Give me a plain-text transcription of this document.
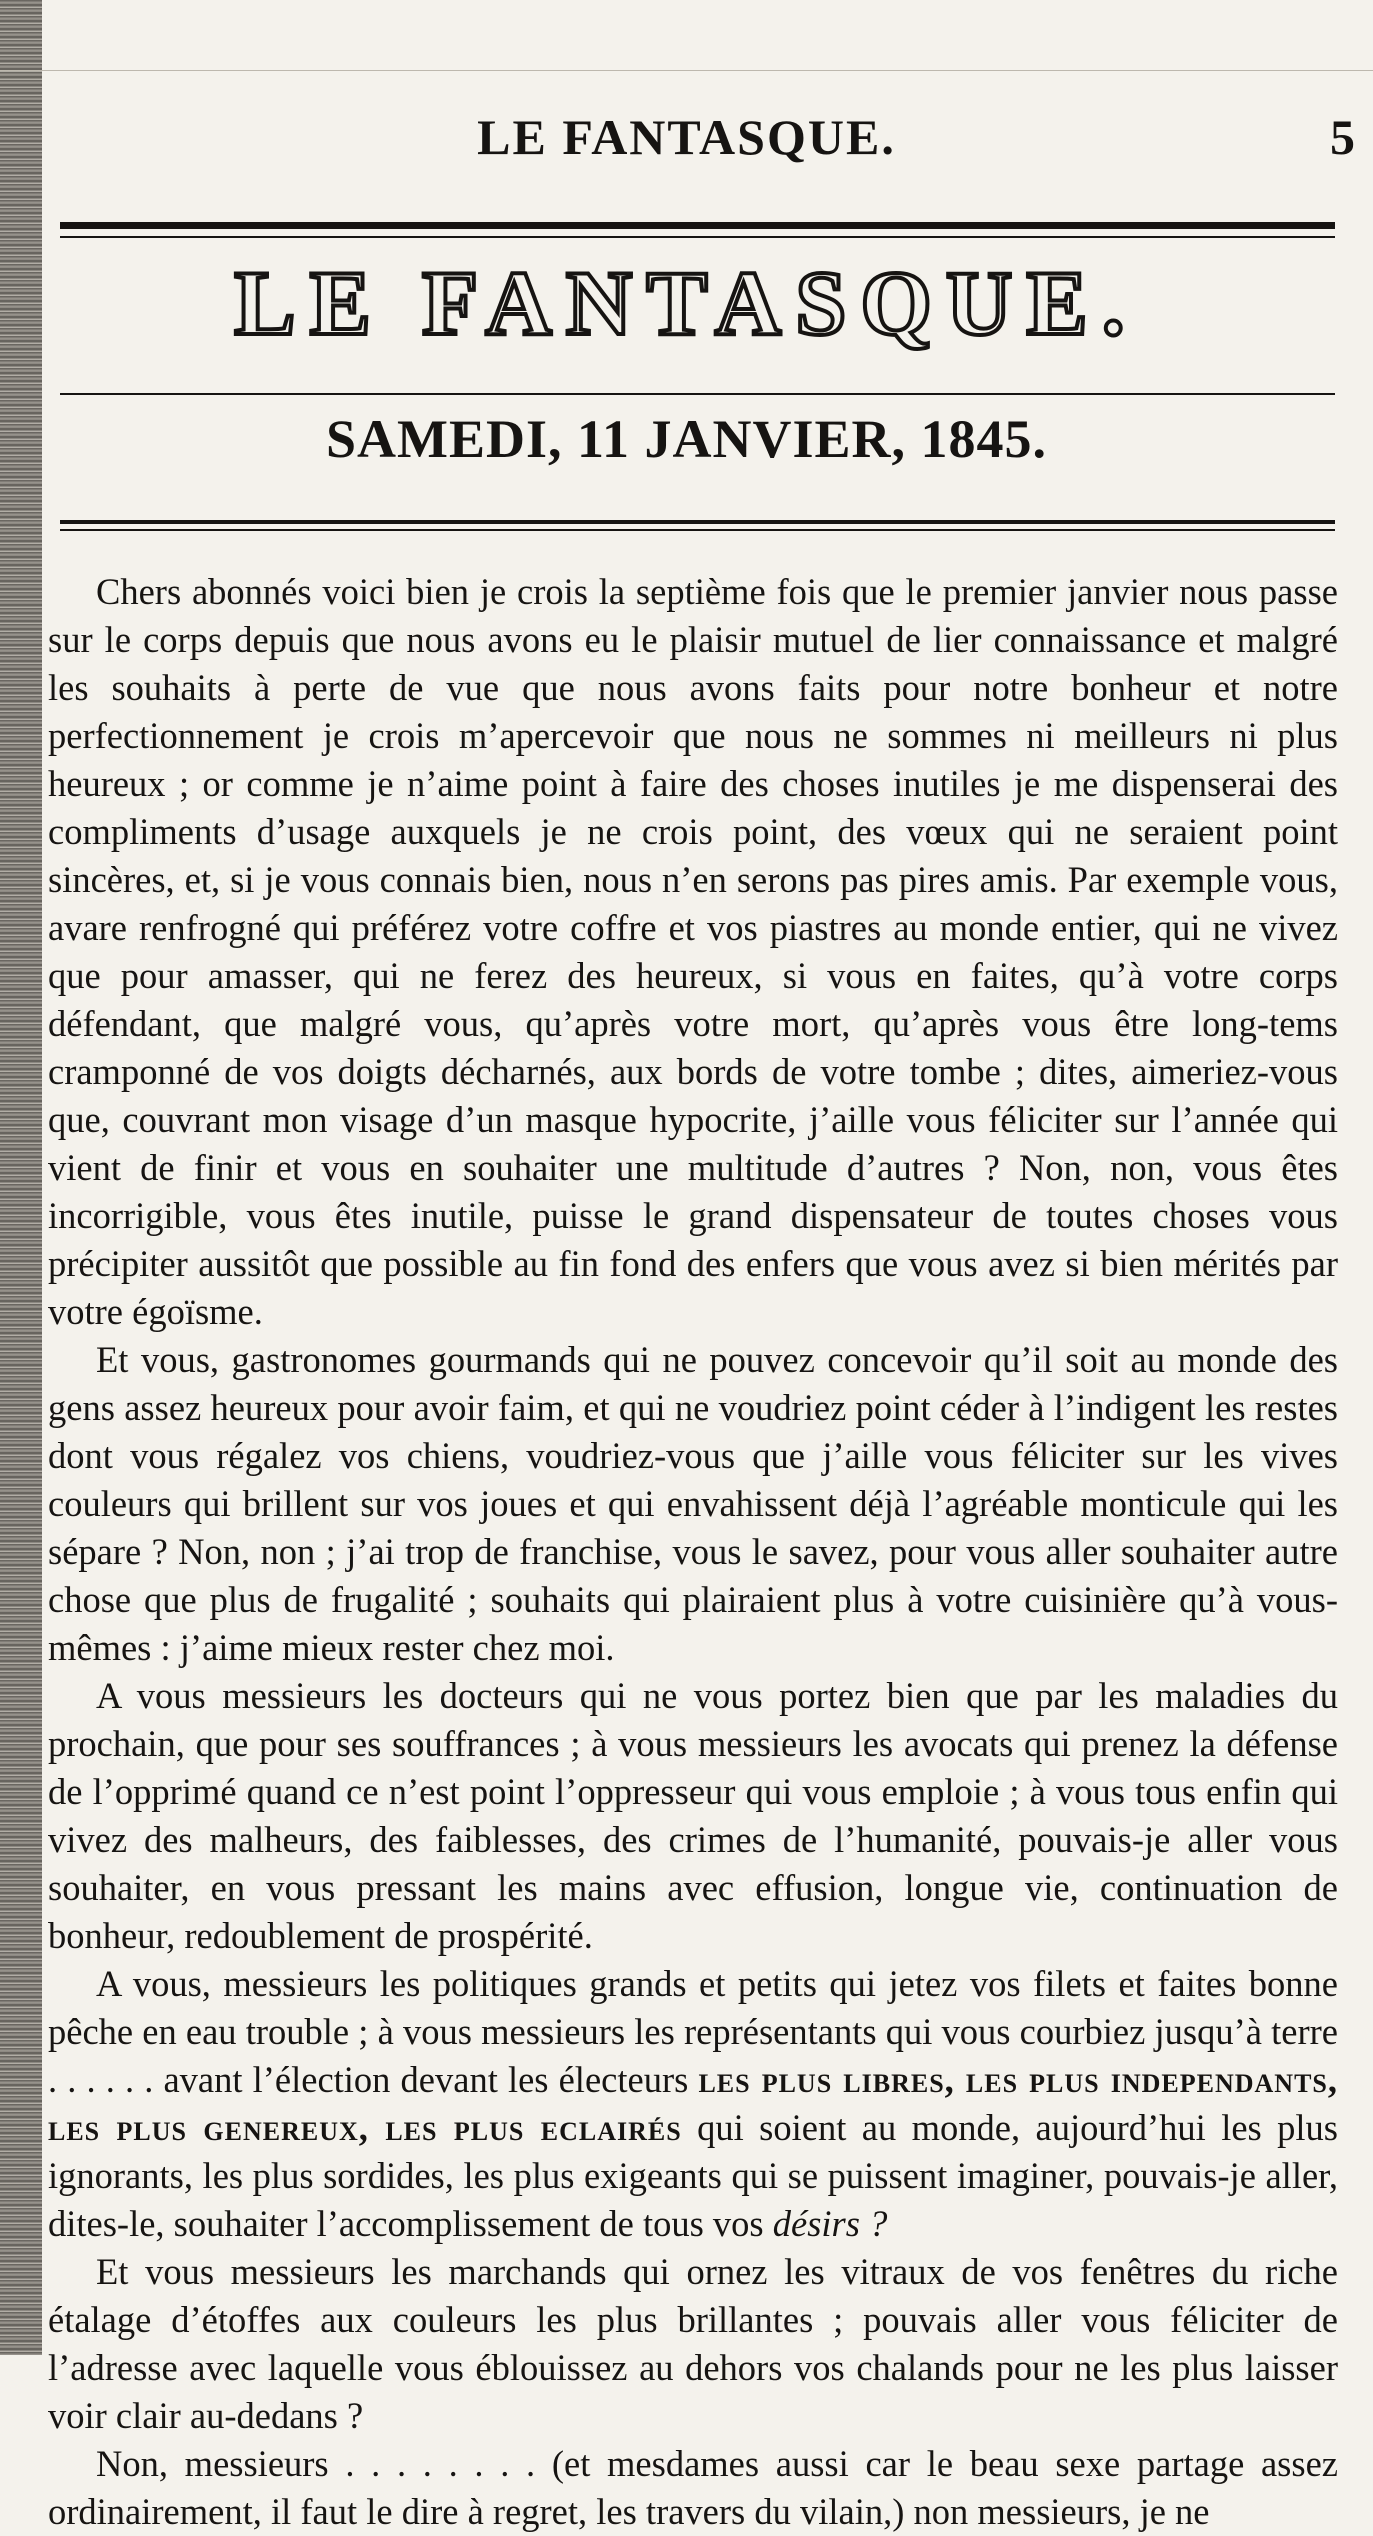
LE FANTASQUE.	5
LE FANTASQUE.
SAMEDI, 11 JANVIER, 1845.

Chers abonnés voici bien je crois la septième fois que le premier janvier nous passe sur le corps depuis que nous avons eu le plaisir mutuel de lier connaissance et malgré les souhaits à perte de vue que nous avons faits pour notre bonheur et notre perfectionnement je crois m’apercevoir que nous ne sommes ni meilleurs ni plus heureux ; or comme je n’aime point à faire des choses inutiles je me dispenserai des compliments d’usage auxquels je ne crois point, des vœux qui ne seraient point sincères, et, si je vous connais bien, nous n’en serons pas pires amis. Par exemple vous, avare renfrogné qui préférez votre coffre et vos piastres au monde entier, qui ne vivez que pour amasser, qui ne ferez des heureux, si vous en faites, qu’à votre corps défendant, que malgré vous, qu’après votre mort, qu’après vous être long-tems cramponné de vos doigts décharnés, aux bords de votre tombe ; dites, aimeriez-vous que, couvrant mon visage d’un masque hypocrite, j’aille vous féliciter sur l’année qui vient de finir et vous en souhaiter une multitude d’autres ? Non, non, vous êtes incorrigible, vous êtes inutile, puisse le grand dispensateur de toutes choses vous précipiter aussitôt que possible au fin fond des enfers que vous avez si bien mérités par votre égoïsme.

Et vous, gastronomes gourmands qui ne pouvez concevoir qu’il soit au monde des gens assez heureux pour avoir faim, et qui ne voudriez point céder à l’indigent les restes dont vous régalez vos chiens, voudriez-vous que j’aille vous féliciter sur les vives couleurs qui brillent sur vos joues et qui envahissent déjà l’agréable monticule qui les sépare ? Non, non ; j’ai trop de franchise, vous le savez, pour vous aller souhaiter autre chose que plus de frugalité ; souhaits qui plairaient plus à votre cuisinière qu’à vous-mêmes : j’aime mieux rester chez moi.

A vous messieurs les docteurs qui ne vous portez bien que par les maladies du prochain, que pour ses souffrances ; à vous messieurs les avocats qui prenez la défense de l’opprimé quand ce n’est point l’oppresseur qui vous emploie ; à vous tous enfin qui vivez des malheurs, des faiblesses, des crimes de l’humanité, pouvais-je aller vous souhaiter, en vous pressant les mains avec effusion, longue vie, continuation de bonheur, redoublement de prospérité.

A vous, messieurs les politiques grands et petits qui jetez vos filets et faites bonne pêche en eau trouble ; à vous messieurs les représentants qui vous courbiez jusqu’à terre . . . . . . avant l’élection devant les électeurs les plus libres, les plus independants, les plus genereux, les plus eclairés qui soient au monde, aujourd’hui les plus ignorants, les plus sordides, les plus exigeants qui se puissent imaginer, pouvais-je aller, dites-le, souhaiter l’accomplissement de tous vos désirs ?

Et vous messieurs les marchands qui ornez les vitraux de vos fenêtres du riche étalage d’étoffes aux couleurs les plus brillantes ; pouvais aller vous féliciter de l’adresse avec laquelle vous éblouissez au dehors vos chalands pour ne les plus laisser voir clair au-dedans ?

Non, messieurs . . . . . . . . (et mesdames aussi car le beau sexe partage assez ordinairement, il faut le dire à regret, les travers du vilain,) non messieurs, je ne
